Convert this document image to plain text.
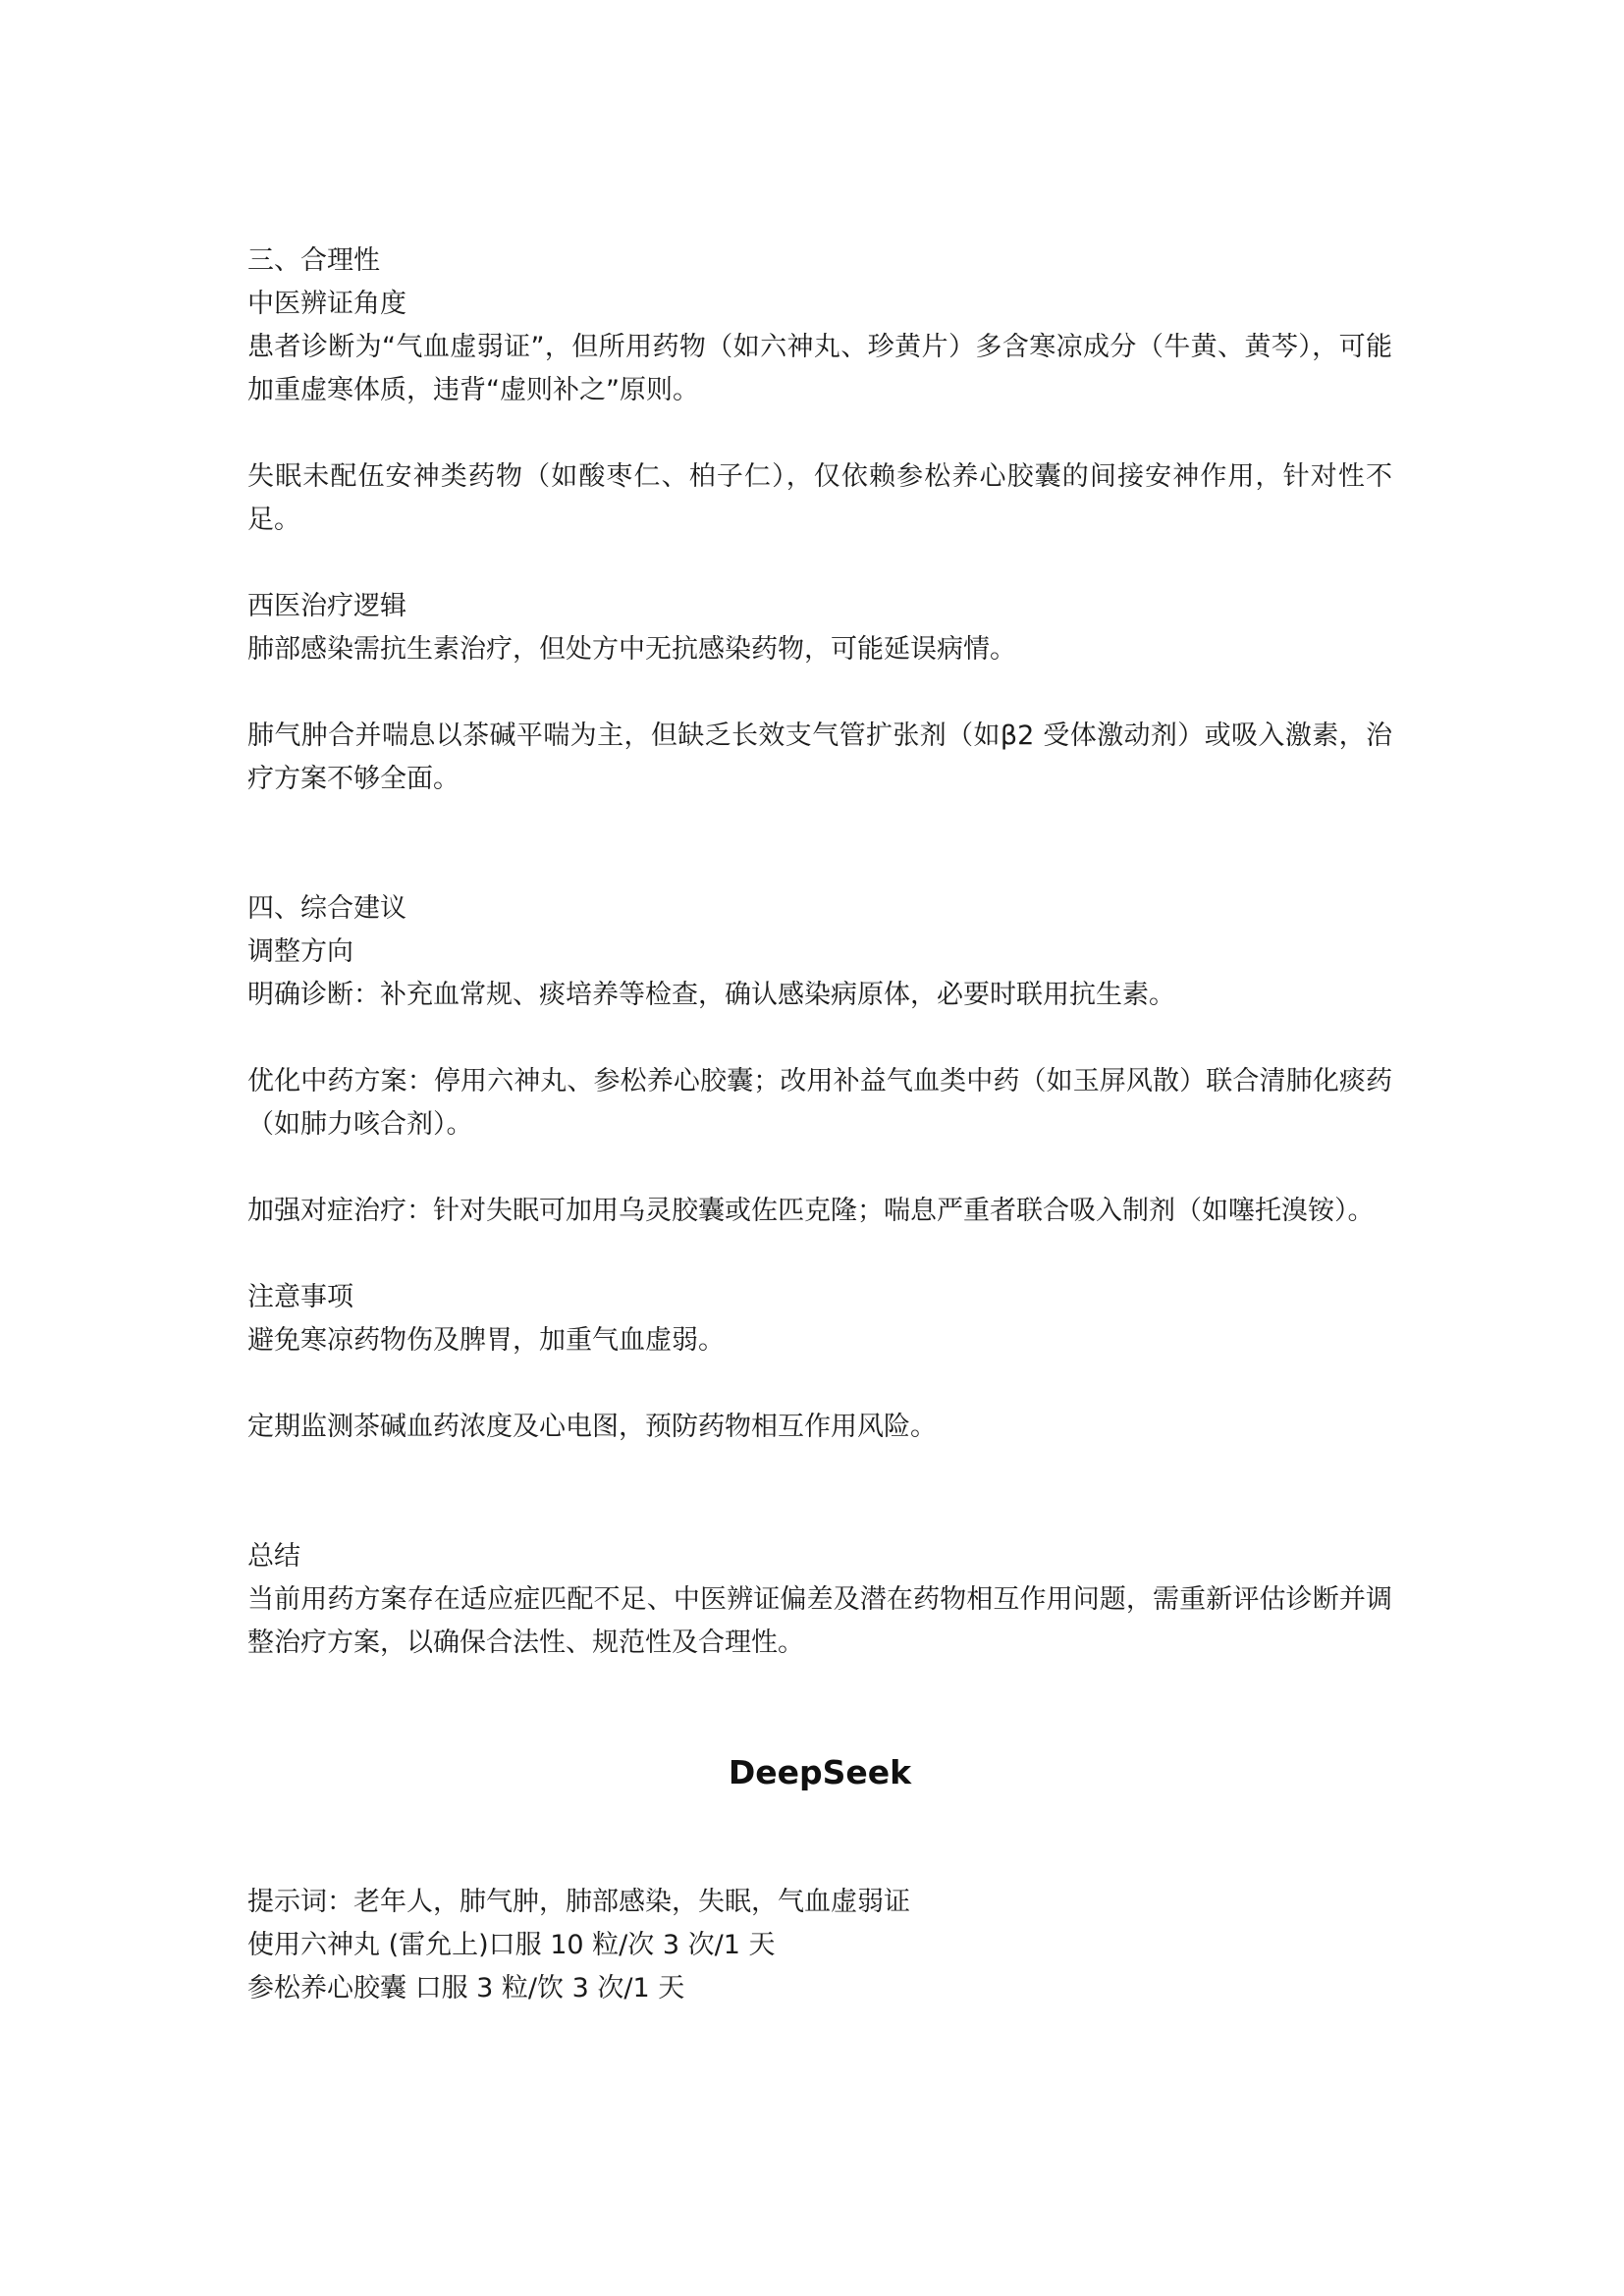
三、合理性

中医辨证角度

患者诊断为“气血虚弱证”，但所用药物（如六神丸、珍黄片）多含寒凉成分（牛黄、黄芩），可能加重虚寒体质，违背“虚则补之”原则。

失眠未配伍安神类药物（如酸枣仁、柏子仁），仅依赖参松养心胶囊的间接安神作用，针对性不足。

西医治疗逻辑

肺部感染需抗生素治疗，但处方中无抗感染药物，可能延误病情。

肺气肿合并喘息以茶碱平喘为主，但缺乏长效支气管扩张剂（如β2 受体激动剂）或吸入激素，治疗方案不够全面。

四、综合建议

调整方向

明确诊断：补充血常规、痰培养等检查，确认感染病原体，必要时联用抗生素。

优化中药方案：停用六神丸、参松养心胶囊；改用补益气血类中药（如玉屏风散）联合清肺化痰药（如肺力咳合剂）。

加强对症治疗：针对失眠可加用乌灵胶囊或佐匹克隆；喘息严重者联合吸入制剂（如噻托溴铵）。

注意事项

避免寒凉药物伤及脾胃，加重气血虚弱。

定期监测茶碱血药浓度及心电图，预防药物相互作用风险。

总结

当前用药方案存在适应症匹配不足、中医辨证偏差及潜在药物相互作用问题，需重新评估诊断并调整治疗方案，以确保合法性、规范性及合理性。

DeepSeek

提示词：老年人，肺气肿，肺部感染，失眠，气血虚弱证

使用六神丸 (雷允上)口服 10 粒/次 3 次/1 天

参松养心胶囊 口服 3 粒/饮 3 次/1 天
